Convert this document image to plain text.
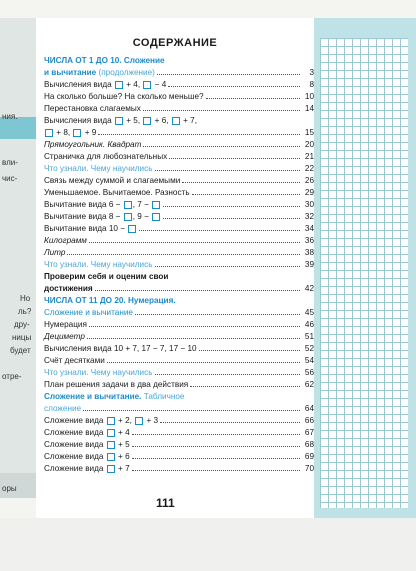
ния.
вли-
чис-
Но
ль?
дру-
ницы
будет
отре-
оры
СОДЕРЖАНИЕ
ЧИСЛА ОТ 1 ДО 10. Сложение
и вычитание (продолжение)	3
Вычисления вида  + 4,  − 4	8
На сколько больше? На сколько меньше?	10
Перестановка слагаемых	14
Вычисления вида  + 5,  + 6,  + 7,
+ 8,  + 9	15
Прямоугольник. Квадрат	20
Страничка для любознательных	21
Что узнали. Чему научились	22
Связь между суммой и слагаемыми	26
Уменьшаемое. Вычитаемое. Разность	29
Вычитание вида 6 − , 7 −	30
Вычитание вида 8 − , 9 −	32
Вычитание вида 10 −	34
Килограмм	36
Литр	38
Что узнали. Чему научились	39
Проверим себя и оценим свои
достижения	42
ЧИСЛА ОТ 11 ДО 20. Нумерация.
Сложение и вычитание	45
Нумерация	46
Дециметр	51
Вычисления вида 10 + 7, 17 − 7, 17 − 10	52
Счёт десятками	54
Что узнали. Чему научились	56
План решения задачи в два действия	62
Сложение и вычитание. Табличное
сложение	64
Сложение вида  + 2,  + 3	66
Сложение вида  + 4	67
Сложение вида  + 5	68
Сложение вида  + 6	69
Сложение вида  + 7	70
111
